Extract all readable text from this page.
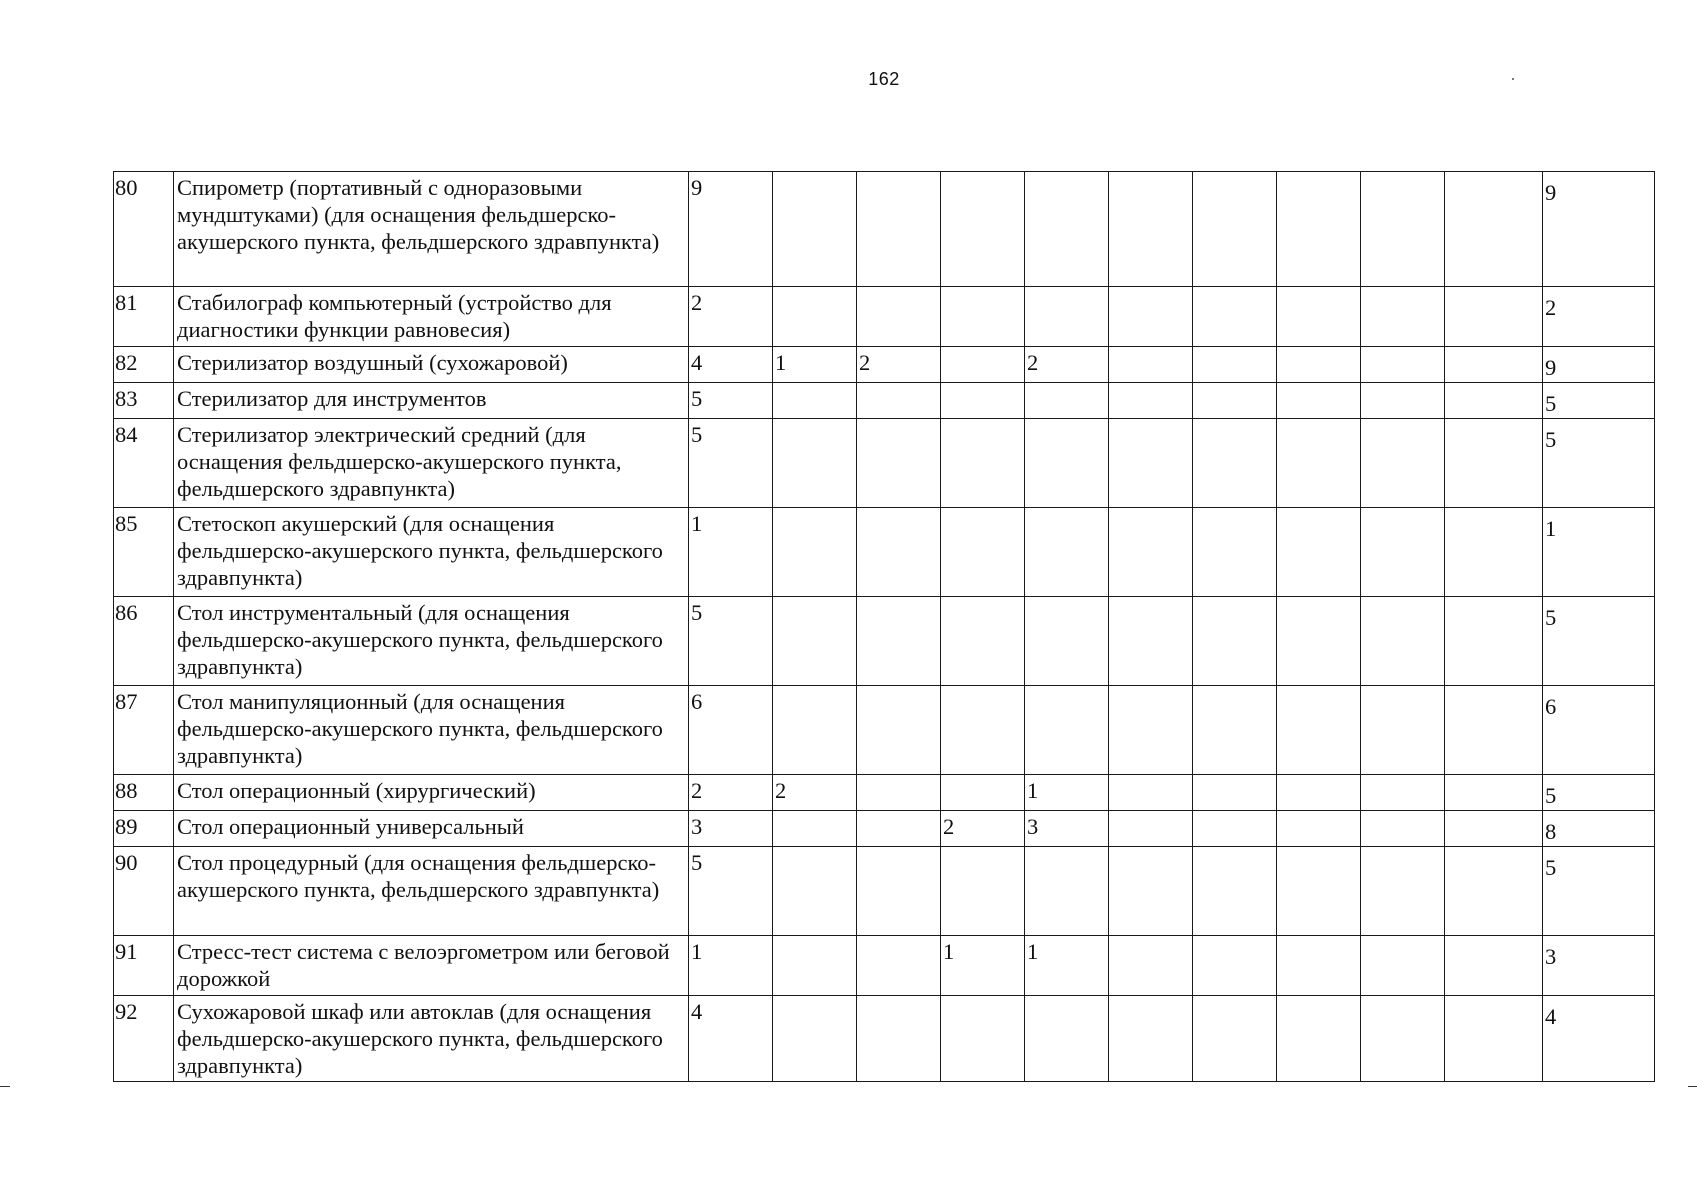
162
80	Спирометр (портативный с одноразовыми мундштуками) (для оснащения фельдшерско-акушерского пункта, фельдшерского здравпункта)	9										9
81	Стабилограф компьютерный (устройство для диагностики функции равновесия)	2										2
82	Стерилизатор воздушный (сухожаровой)	4	1	2		2						9
83	Стерилизатор для инструментов	5										5
84	Стерилизатор электрический средний (для оснащения фельдшерско-акушерского пункта, фельдшерского здравпункта)	5										5
85	Стетоскоп акушерский (для оснащения фельдшерско-акушерского пункта, фельдшерского здравпункта)	1										1
86	Стол инструментальный (для оснащения фельдшерско-акушерского пункта, фельдшерского здравпункта)	5										5
87	Стол манипуляционный (для оснащения фельдшерско-акушерского пункта, фельдшерского здравпункта)	6										6
88	Стол операционный (хирургический)	2	2			1						5
89	Стол операционный универсальный	3			2	3						8
90	Стол процедурный (для оснащения фельдшерско-акушерского пункта, фельдшерского здравпункта)	5										5
91	Стресс-тест система с велоэргометром или беговой дорожкой	1			1	1						3
92	Сухожаровой шкаф или автоклав (для оснащения фельдшерско-акушерского пункта, фельдшерского здравпункта)	4										4
